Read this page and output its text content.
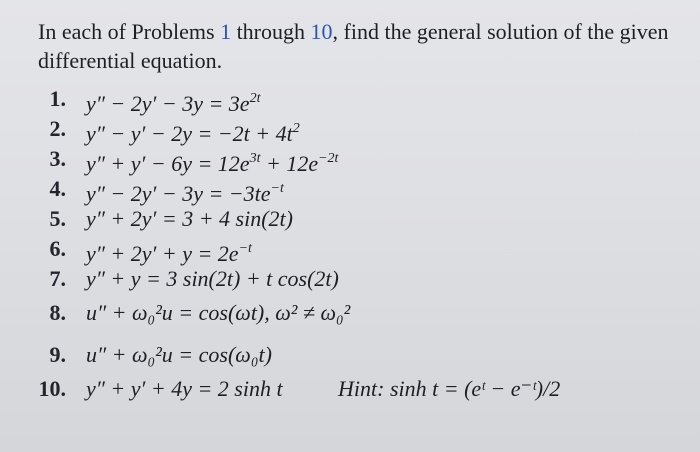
In each of Problems 1 through 10, find the general solution of the given differential equation.
1. $y'' - 2y' - 3y = 3e^{2t}$
2. $y'' - y' - 2y = -2t + 4t^2$
3. $y'' + y' - 6y = 12e^{3t} + 12e^{-2t}$
4. $y'' - 2y' - 3y = -3te^{-t}$
5. y″ + 2y′ = 3 + 4 sin(2t)
6. $y'' + 2y' + y = 2e^{-t}$
7. y″ + y = 3 sin(2t) + t cos(2t)
8. u″ + ω₀²u = cos(ωt), ω² ≠ ω₀²
9. u″ + ω₀²u = cos(ω₀t)
10. y″ + y′ + 4y = 2 sinh t	Hint: sinh t = (eᵗ − e⁻ᵗ)/2
